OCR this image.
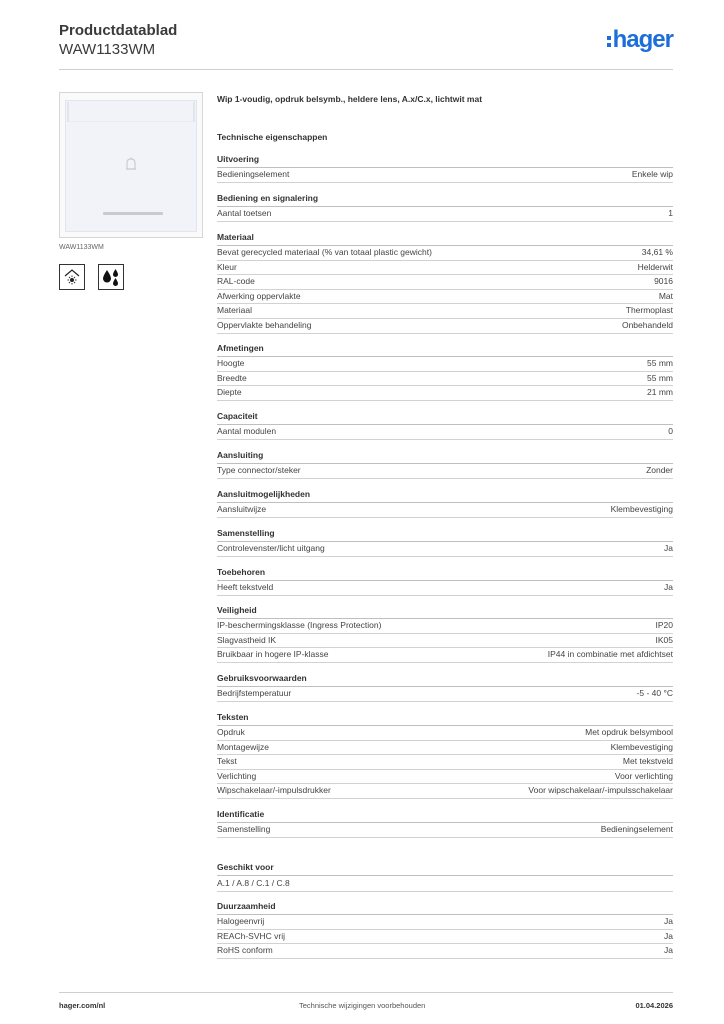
Productdatablad
WAW1133WM	hager
WAW1133WM
Wip 1-voudig, opdruk belsymb., heldere lens, A.x/C.x, lichtwit mat
Technische eigenschappen
Uitvoering
Bedieningselement	Enkele wip
Bediening en signalering
Aantal toetsen	1
Materiaal
Bevat gerecycled materiaal (% van totaal plastic gewicht)	34,61 %
Kleur	Helderwit
RAL-code	9016
Afwerking oppervlakte	Mat
Materiaal	Thermoplast
Oppervlakte behandeling	Onbehandeld
Afmetingen
Hoogte	55 mm
Breedte	55 mm
Diepte	21 mm
Capaciteit
Aantal modulen	0
Aansluiting
Type connector/steker	Zonder
Aansluitmogelijkheden
Aansluitwijze	Klembevestiging
Samenstelling
Controlevenster/licht uitgang	Ja
Toebehoren
Heeft tekstveld	Ja
Veiligheid
IP-beschermingsklasse (Ingress Protection)	IP20
Slagvastheid IK	IK05
Bruikbaar in hogere IP-klasse	IP44 in combinatie met afdichtset
Gebruiksvoorwaarden
Bedrijfstemperatuur	-5 - 40 °C
Teksten
Opdruk	Met opdruk belsymbool
Montagewijze	Klembevestiging
Tekst	Met tekstveld
Verlichting	Voor verlichting
Wipschakelaar/-impulsdrukker	Voor wipschakelaar/-impulsschakelaar
Identificatie
Samenstelling	Bedieningselement
Geschikt voor
A.1 / A.8 / C.1 / C.8
Duurzaamheid
Halogeenvrij	Ja
REACh-SVHC vrij	Ja
RoHS conform	Ja
hager.com/nl	Technische wijzigingen voorbehouden	01.04.2026
